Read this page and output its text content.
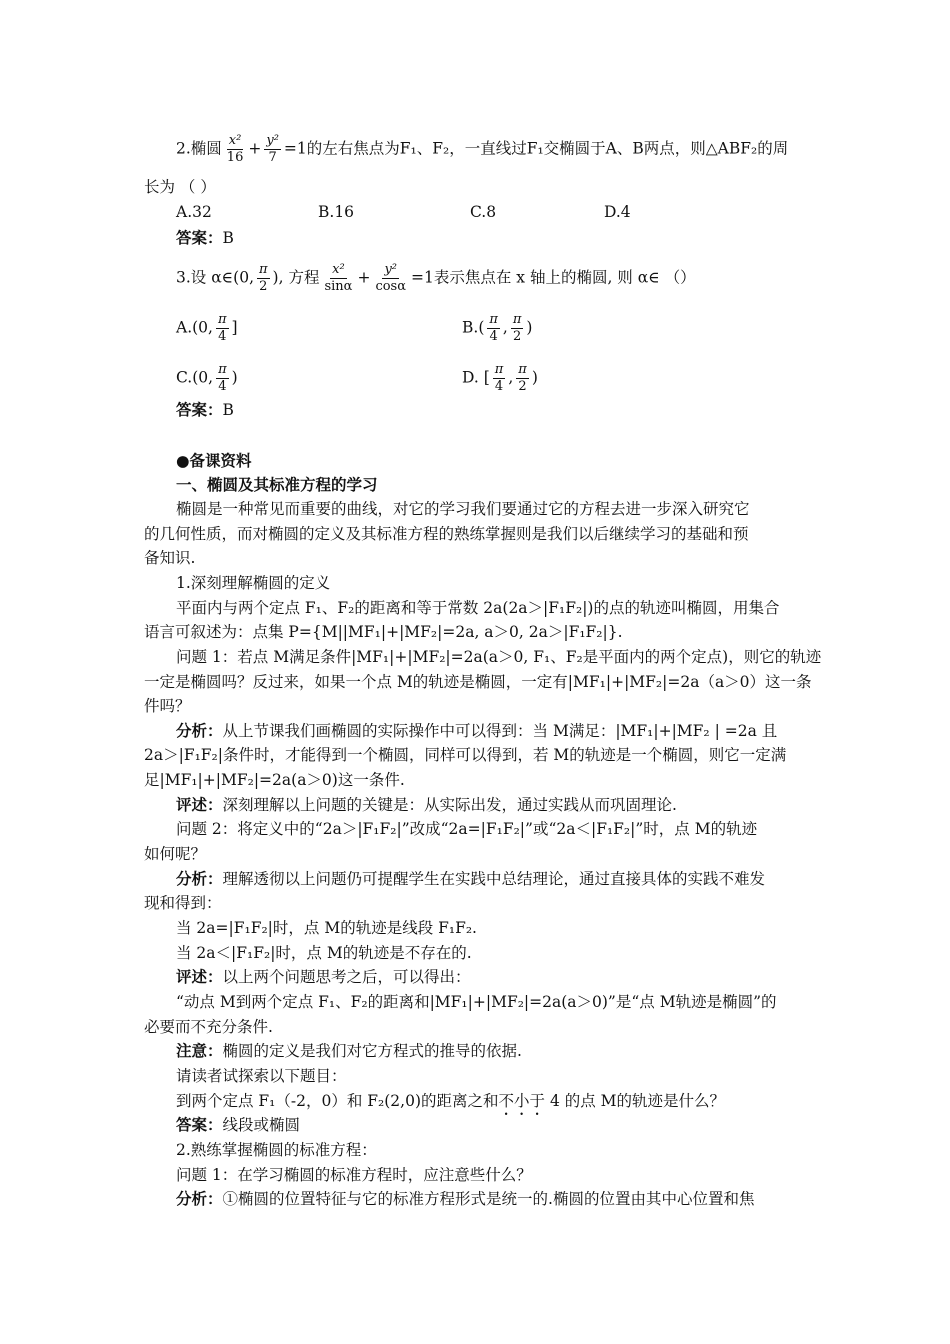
2.椭圆 $\frac{\text{x²}}{16} + \frac{\text{y²}}{7} =1$的左右焦点为F₁、F₂，一直线过F₁交椭圆于A、B两点，则△ABF₂的周
长为 （ ）
A.32	B.16	C.8	D.4
答案：B
3.设 α∈(0, $\frac{\pi}{2}$ ), 方程 $\frac{\text{x²}}{\sin\alpha} + \frac{\text{y²}}{\cos\alpha} =1$表示焦点在 x 轴上的椭圆, 则 α∈ （）
A.(0, $\frac{\pi}{4}$ ]	$B.( \frac{\pi}{4}$ , $\frac{\pi}{2}$ )
C.(0, $\frac{\pi}{4}$ )	D. [ $\frac{\pi}{4}$ , $\frac{\pi}{2}$ )
答案：B
●备课资料
一、椭圆及其标准方程的学习
椭圆是一种常见而重要的曲线，对它的学习我们要通过它的方程去进一步深入研究它
的几何性质，而对椭圆的定义及其标准方程的熟练掌握则是我们以后继续学习的基础和预
备知识.
1.深刻理解椭圆的定义
平面内与两个定点 F₁、F₂的距离和等于常数 2a(2a＞|F₁F₂|)的点的轨迹叫椭圆，用集合
语言可叙述为：点集 P={M||MF₁|+|MF₂|=2a, a＞0, 2a＞|F₁F₂|}.
问题 1：若点 M满足条件|MF₁|+|MF₂|=2a(a＞0, F₁、F₂是平面内的两个定点)，则它的轨迹
一定是椭圆吗？反过来，如果一个点 M的轨迹是椭圆，一定有|MF₁|+|MF₂|=2a（a＞0）这一条
件吗？
分析：从上节课我们画椭圆的实际操作中可以得到：当 M满足：|MF₁|+|MF₂ | =2a 且
2a＞|F₁F₂|条件时，才能得到一个椭圆，同样可以得到，若 M的轨迹是一个椭圆，则它一定满
足|MF₁|+|MF₂|=2a(a＞0)这一条件.
评述：深刻理解以上问题的关键是：从实际出发，通过实践从而巩固理论.
问题 2：将定义中的“2a＞|F₁F₂|”改成“2a=|F₁F₂|”或“2a＜|F₁F₂|”时，点 M的轨迹
如何呢？
分析：理解透彻以上问题仍可提醒学生在实践中总结理论，通过直接具体的实践不难发
现和得到：
当 2a=|F₁F₂|时，点 M的轨迹是线段 F₁F₂.
当 2a＜|F₁F₂|时，点 M的轨迹是不存在的.
评述：以上两个问题思考之后，可以得出：
“动点 M到两个定点 F₁、F₂的距离和|MF₁|+|MF₂|=2a(a＞0)”是“点 M轨迹是椭圆”的
必要而不充分条件.
注意：椭圆的定义是我们对它方程式的推导的依据.
请读者试探索以下题目：
到两个定点 F₁（-2，0）和 F₂(2,0)的距离之和不小于 4 的点 M的轨迹是什么？
答案：线段或椭圆
2.熟练掌握椭圆的标准方程：
问题 1：在学习椭圆的标准方程时，应注意些什么？
分析：①椭圆的位置特征与它的标准方程形式是统一的.椭圆的位置由其中心位置和焦
